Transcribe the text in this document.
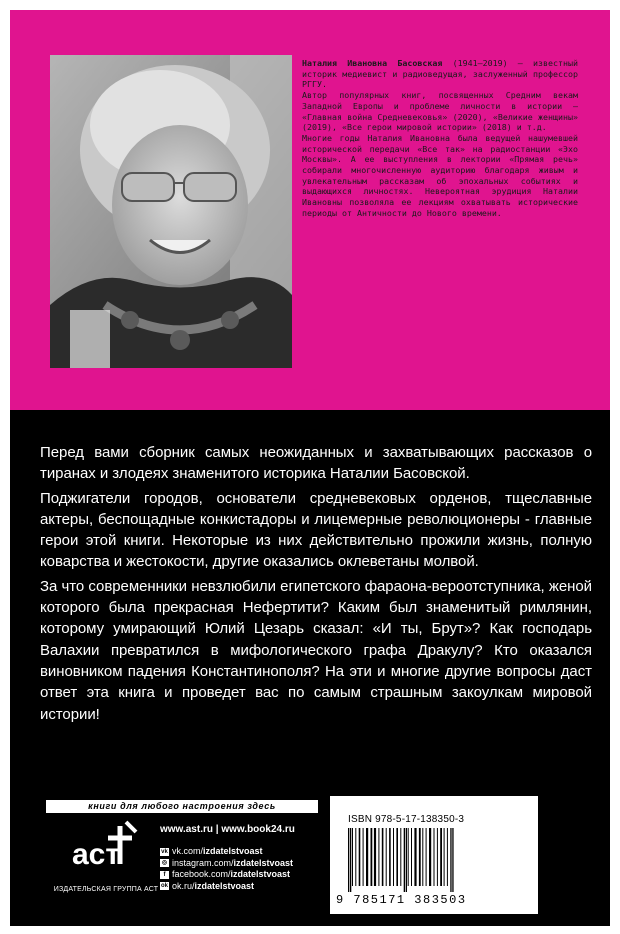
Наталия Ивановна Басовская (1941–2019) – известный историк медиевист и радиоведущая, заслуженный профессор РГГУ.

Автор популярных книг, посвященных Средним векам Западной Европы и проблеме личности в истории – «Главная война Средневековья» (2020), «Великие женщины» (2019), «Все герои мировой истории» (2018) и т.д.

Многие годы Наталия Ивановна была ведущей нашумевшей исторической передачи «Все так» на радиостанции «Эхо Москвы». А ее выступления в лектории «Прямая речь» собирали многочисленную аудиторию благодаря живым и увлекательным рассказам об эпохальных событиях и выдающихся личностях. Невероятная эрудиция Наталии Ивановны позволяла ее лекциям охватывать исторические периоды от Античности до Нового времени.

Перед вами сборник самых неожиданных и захватывающих рассказов о тиранах и злодеях знаменитого историка Наталии Басовской.

Поджигатели городов, основатели средневековых орденов, тщеславные актеры, беспощадные конкистадоры и лицемерные революционеры - главные герои этой книги. Некоторые из них действительно прожили жизнь, полную коварства и жестокости, другие оказались оклеветаны молвой.

За что современники невзлюбили египетского фараона-вероотступника, женой которого была прекрасная Нефертити? Каким был знаменитый римлянин, которому умирающий Юлий Цезарь сказал: «И ты, Брут»? Как господарь Валахии превратился в мифологического графа Дракулу? Кто оказался виновником падения Константинополя? На эти и многие другие вопросы даст ответ эта книга и проведет вас по самым страшным закоулкам мировой истории!

книги для любого настроения здесь
аст
ИЗДАТЕЛЬСКАЯ ГРУППА АСТ
www.ast.ru | www.book24.ru
vk vk.com/ izdatelstvoast
◎ instagram.com/ izdatelstvoast
f facebook.com/ izdatelstvoast
ok ok.ru/ izdatelstvoast
ISBN 978-5-17-138350-3
9 785171 383503
